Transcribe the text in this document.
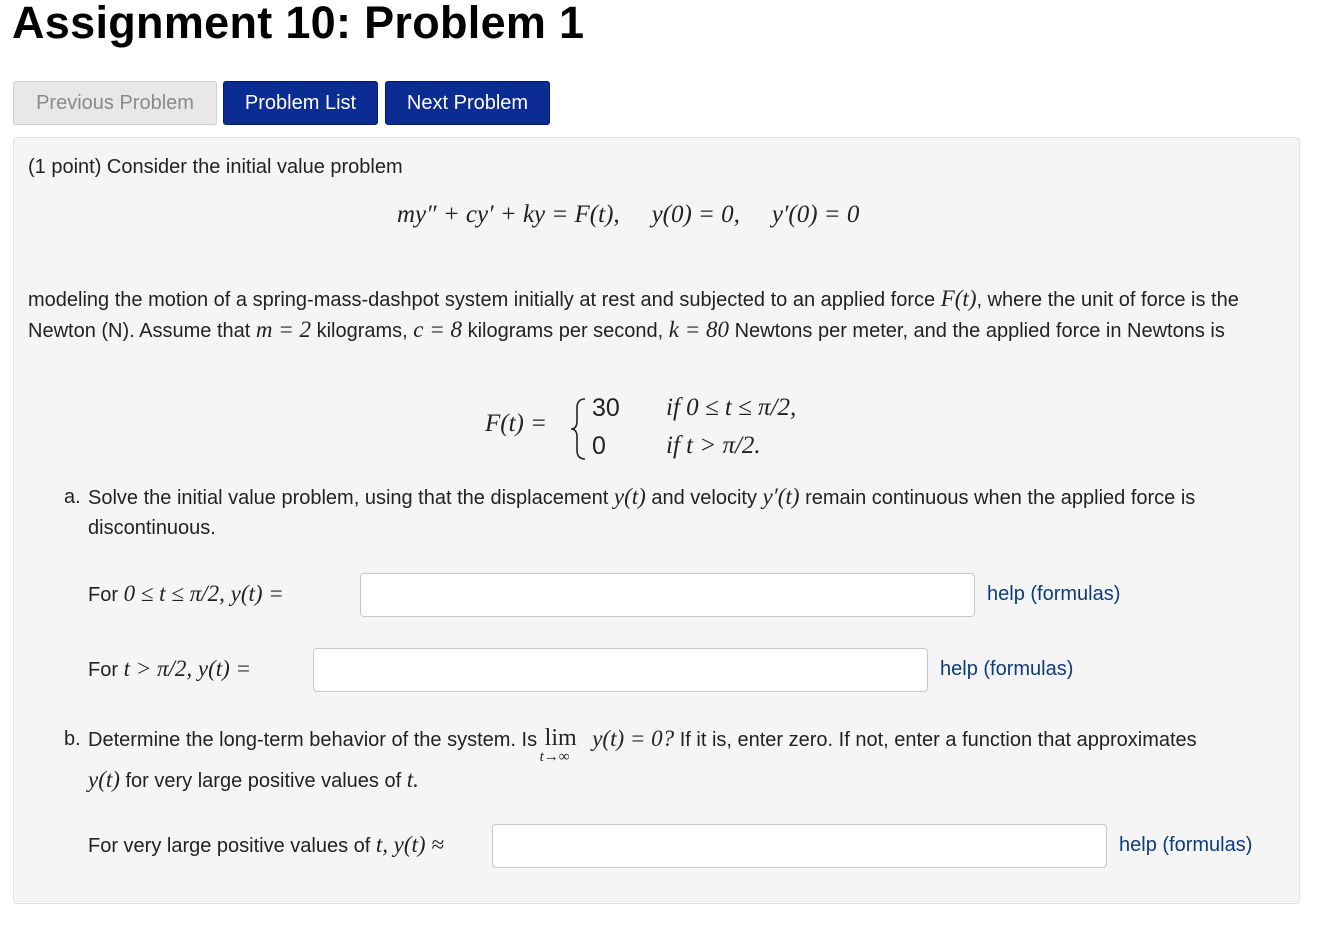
Assignment 10: Problem 1
Previous Problem	Problem List	Next Problem
(1 point) Consider the initial value problem
my″ + cy′ + ky = F(t), y(0) = 0, y′(0) = 0
modeling the motion of a spring-mass-dashpot system initially at rest and subjected to an applied force F(t), where the unit of force is the Newton (N). Assume that m = 2 kilograms, c = 8 kilograms per second, k = 80 Newtons per meter, and the applied force in Newtons is
F(t) =
30 if 0 ≤ t ≤ π/2,
0 if t > π/2.
a. Solve the initial value problem, using that the displacement y(t) and velocity y′(t) remain continuous when the applied force is discontinuous.
For 0 ≤ t ≤ π/2, y(t) =	help (formulas)
For t > π/2, y(t) =	help (formulas)
b. Determine the long-term behavior of the system. Is lim
t→∞
y(t) = 0? If it is, enter zero. If not, enter a function that approximates
y(t) for very large positive values of t.
For very large positive values of t, y(t) ≈	help (formulas)
